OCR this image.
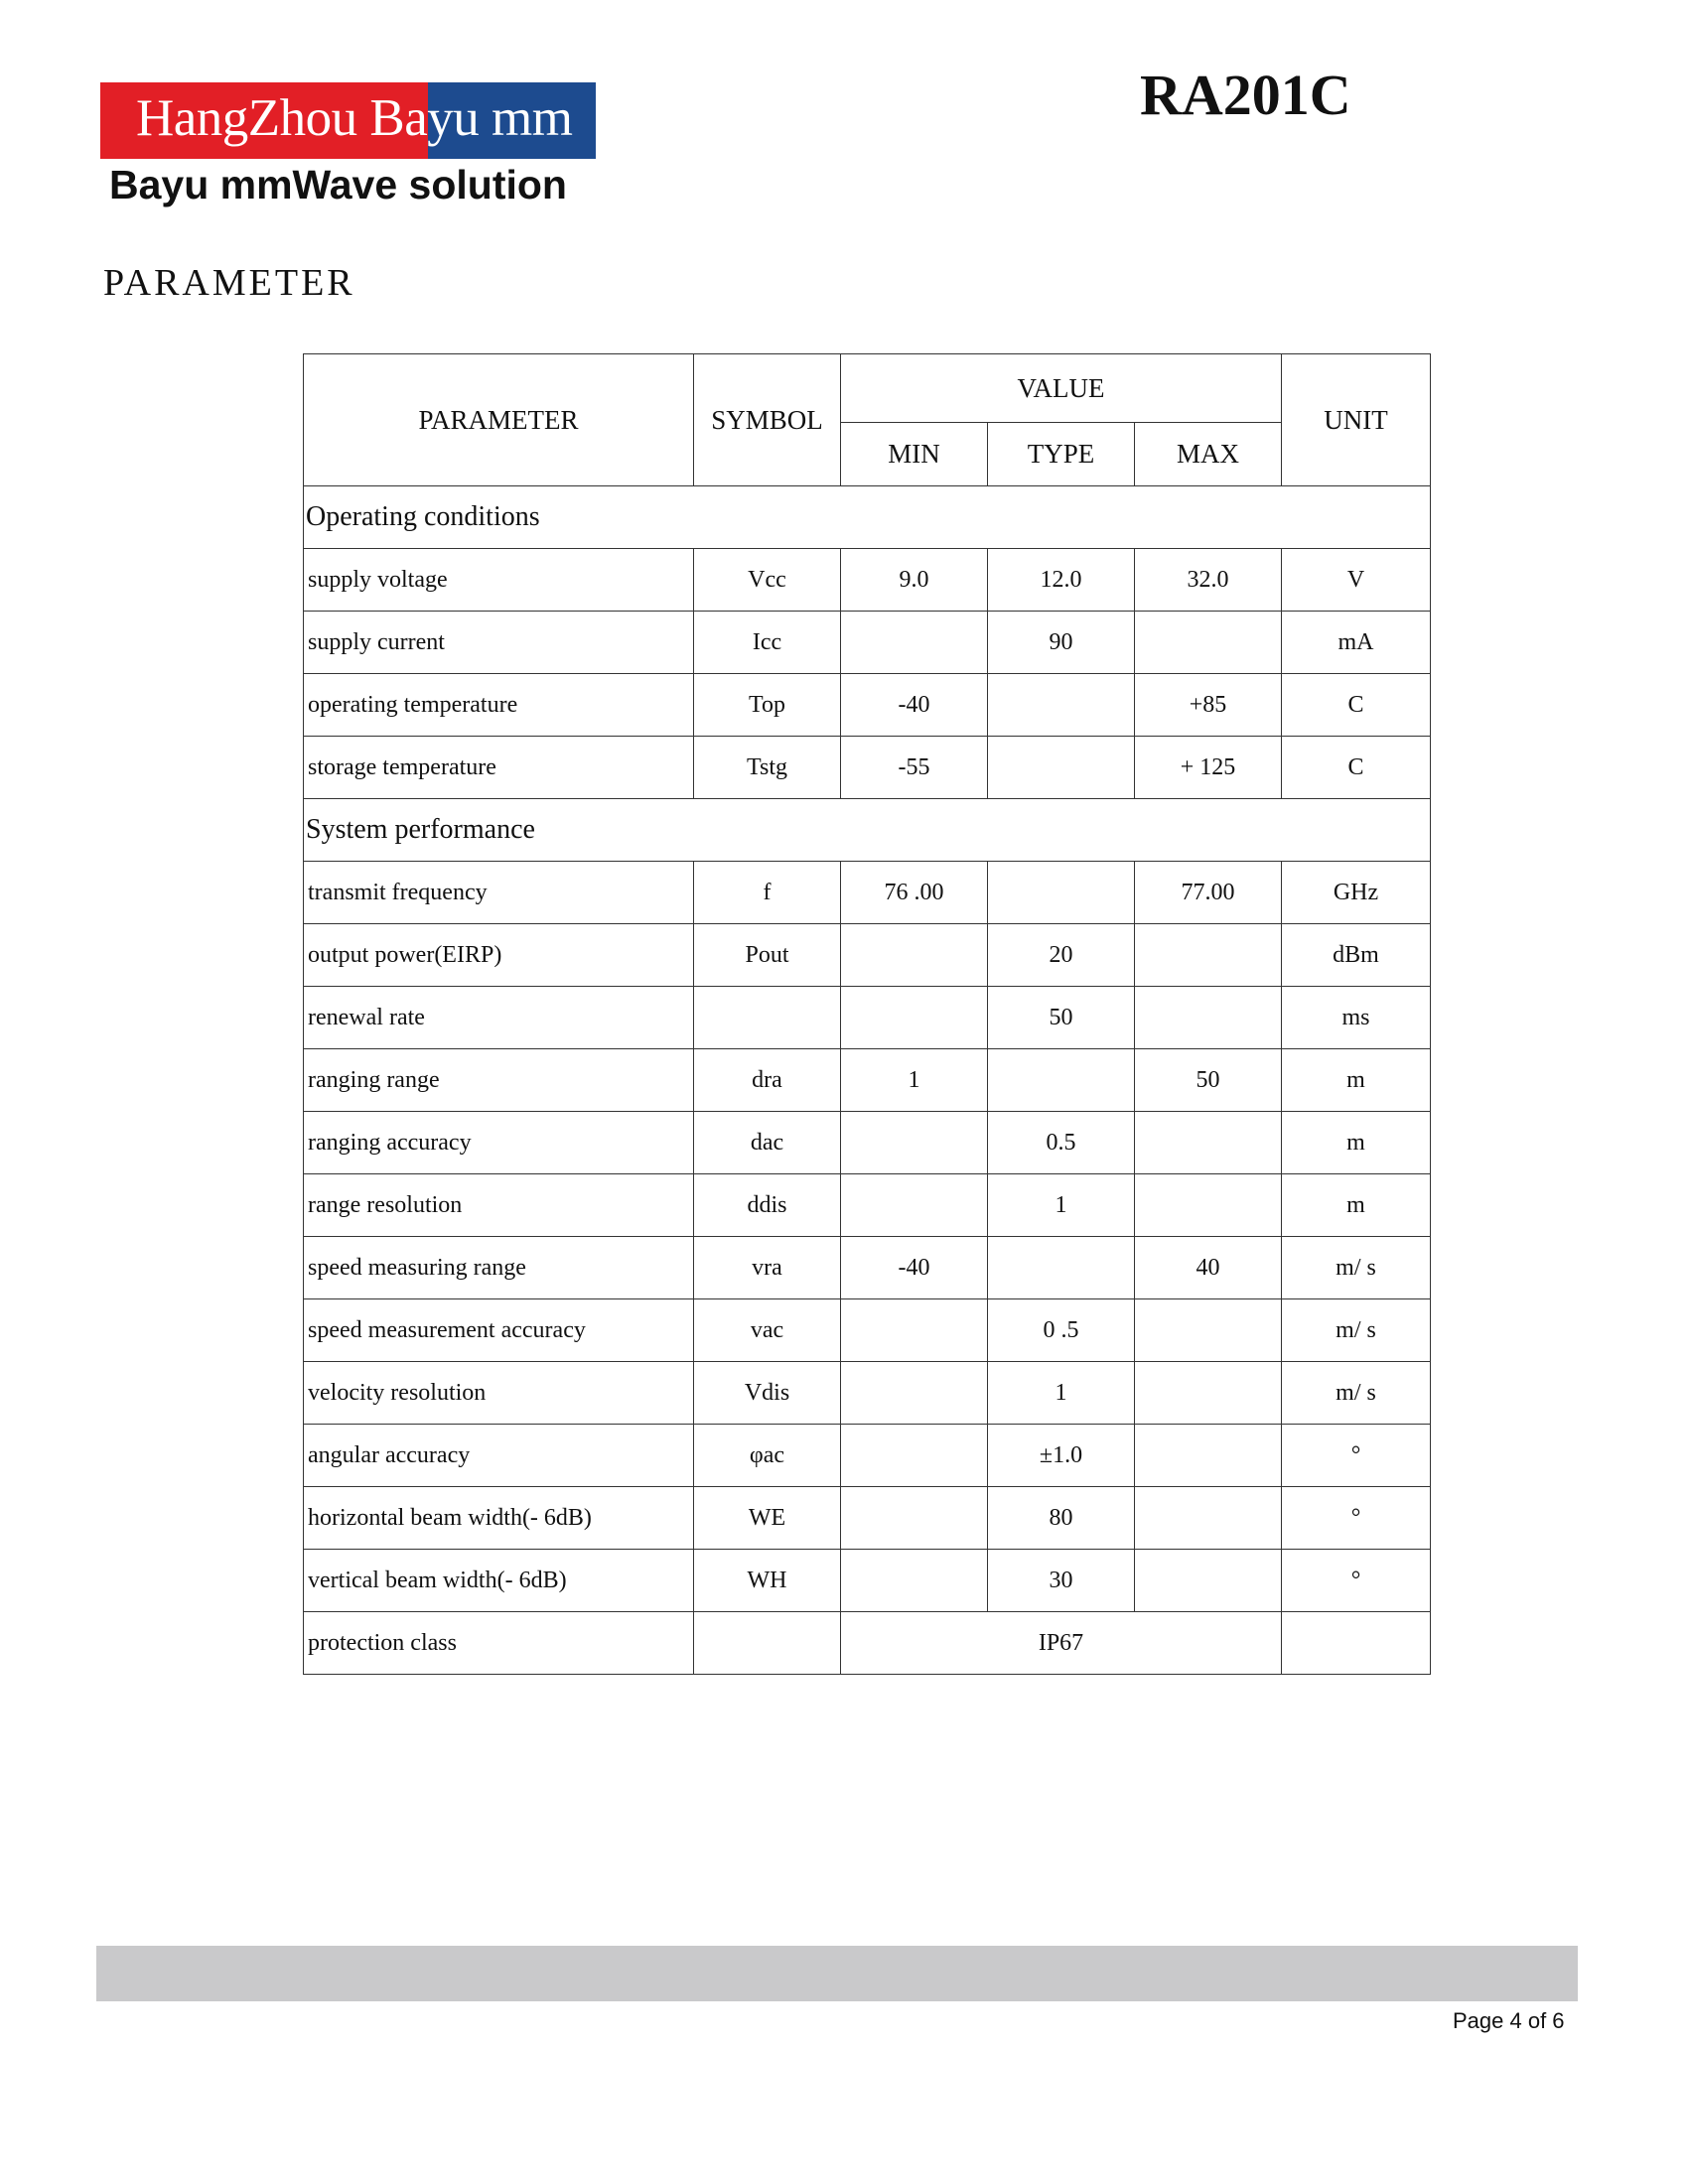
HangZhou Bayu mm
Bayu mmWave solution
RA201C
PARAMETER
PARAMETER	SYMBOL	VALUE			UNIT
		MIN	TYPE	MAX	
Operating conditions					
supply voltage	Vcc	9.0	12.0	32.0	V
supply current	Icc		90		mA
operating temperature	Top	-40		+85	C
storage temperature	Tstg	-55		+ 125	C
System performance					
transmit frequency	f	76 .00		77.00	GHz
output power(EIRP)	Pout		20		dBm
renewal rate			50		ms
ranging range	dra	1		50	m
ranging accuracy	dac		0.5		m
range resolution	ddis		1		m
speed measuring range	vra	-40		40	m/ s
speed measurement accuracy	vac		0 .5		m/ s
velocity resolution	Vdis		1		m/ s
angular accuracy	φac		±1.0		°
horizontal beam width(- 6dB)	WE		80		°
vertical beam width(- 6dB)	WH		30		°
protection class		IP67			
Page 4 of 6
